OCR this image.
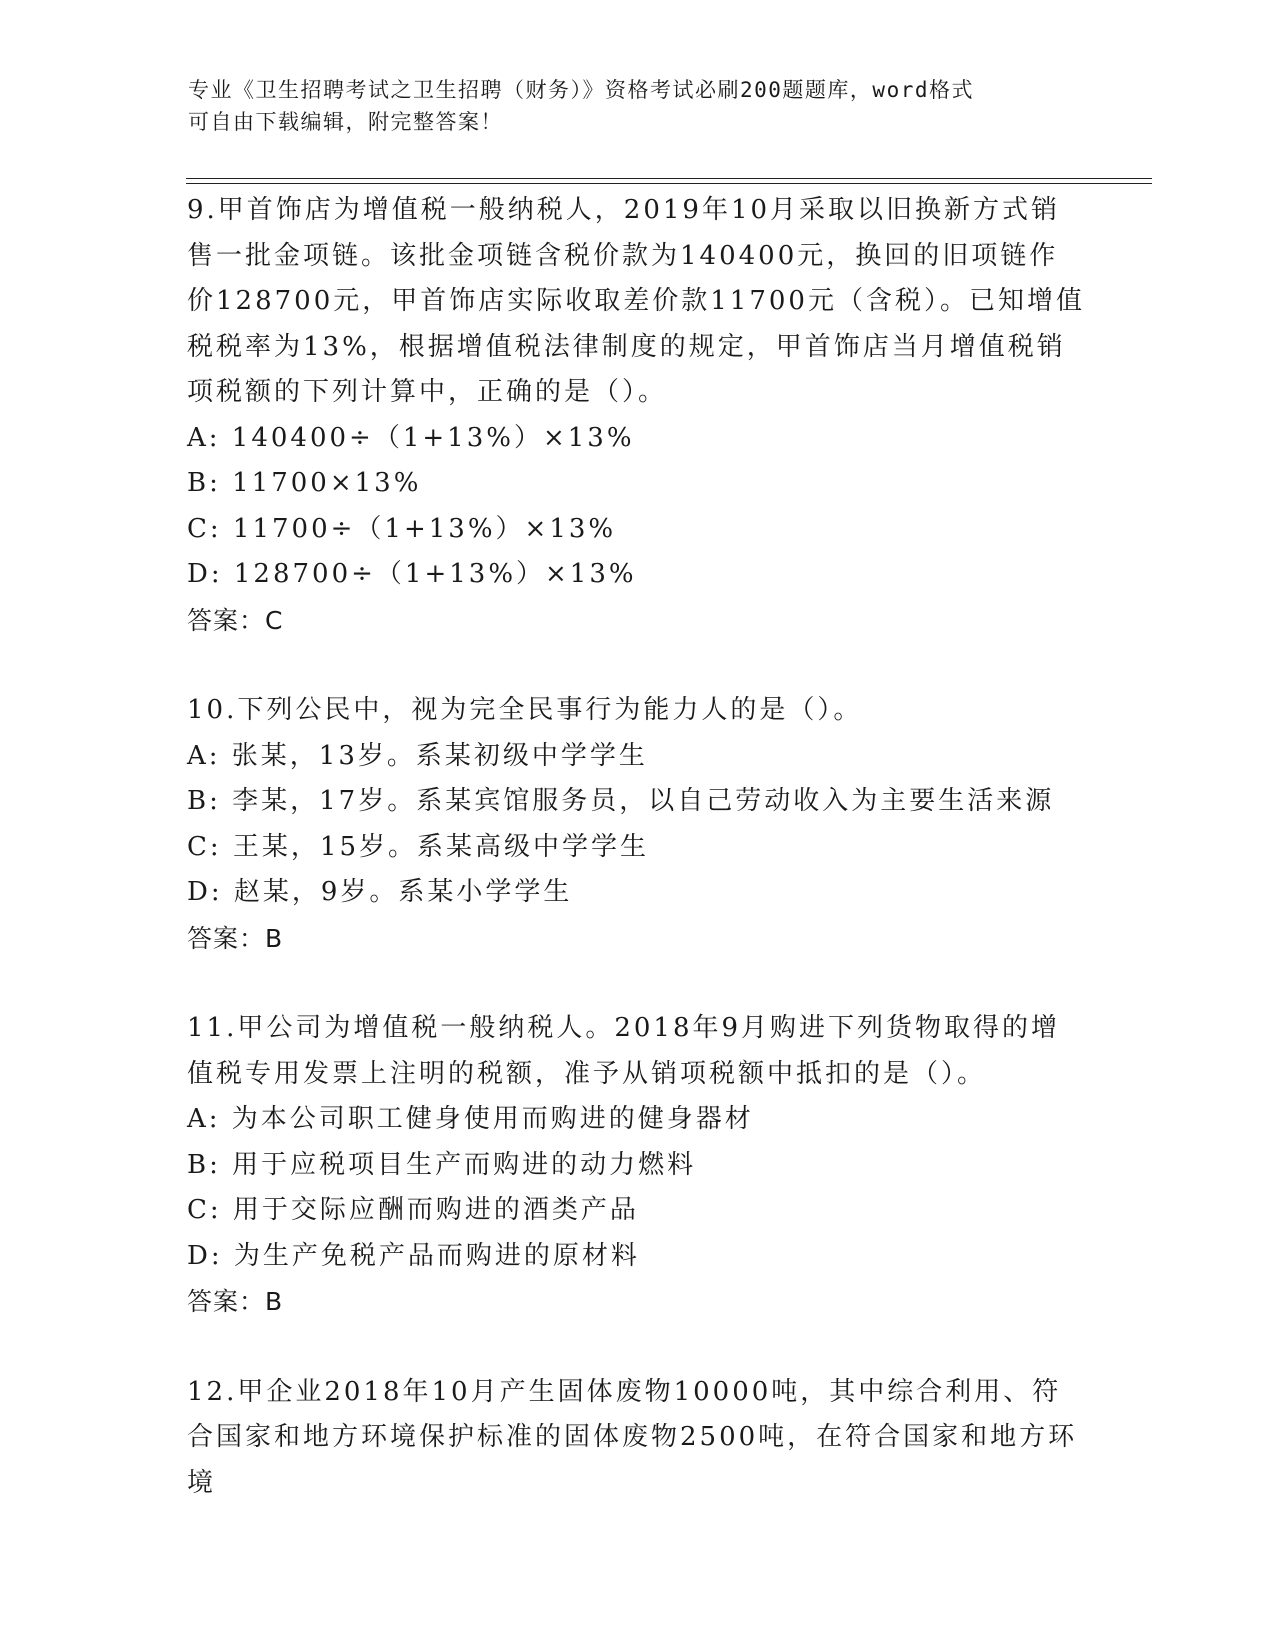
专业《卫生招聘考试之卫生招聘（财务）》资格考试必刷200题题库，word格式
可自由下载编辑，附完整答案！

9.甲首饰店为增值税一般纳税人，2019年10月采取以旧换新方式销售一批金项链。该批金项链含税价款为140400元，换回的旧项链作价128700元，甲首饰店实际收取差价款11700元（含税）。已知增值税税率为13%，根据增值税法律制度的规定，甲首饰店当月增值税销项税额的下列计算中，正确的是（）。

A: 140400÷（1+13%）×13%

B: 11700×13%

C: 11700÷（1+13%）×13%

D: 128700÷（1+13%）×13%

答案：C

10.下列公民中，视为完全民事行为能力人的是（）。

A: 张某，13岁。系某初级中学学生

B: 李某，17岁。系某宾馆服务员，以自己劳动收入为主要生活来源

C: 王某，15岁。系某高级中学学生

D: 赵某，9岁。系某小学学生

答案：B

11.甲公司为增值税一般纳税人。2018年9月购进下列货物取得的增值税专用发票上注明的税额，准予从销项税额中抵扣的是（）。

A: 为本公司职工健身使用而购进的健身器材

B: 用于应税项目生产而购进的动力燃料

C: 用于交际应酬而购进的酒类产品

D: 为生产免税产品而购进的原材料

答案：B

12.甲企业2018年10月产生固体废物10000吨，其中综合利用、符合国家和地方环境保护标准的固体废物2500吨，在符合国家和地方环境
